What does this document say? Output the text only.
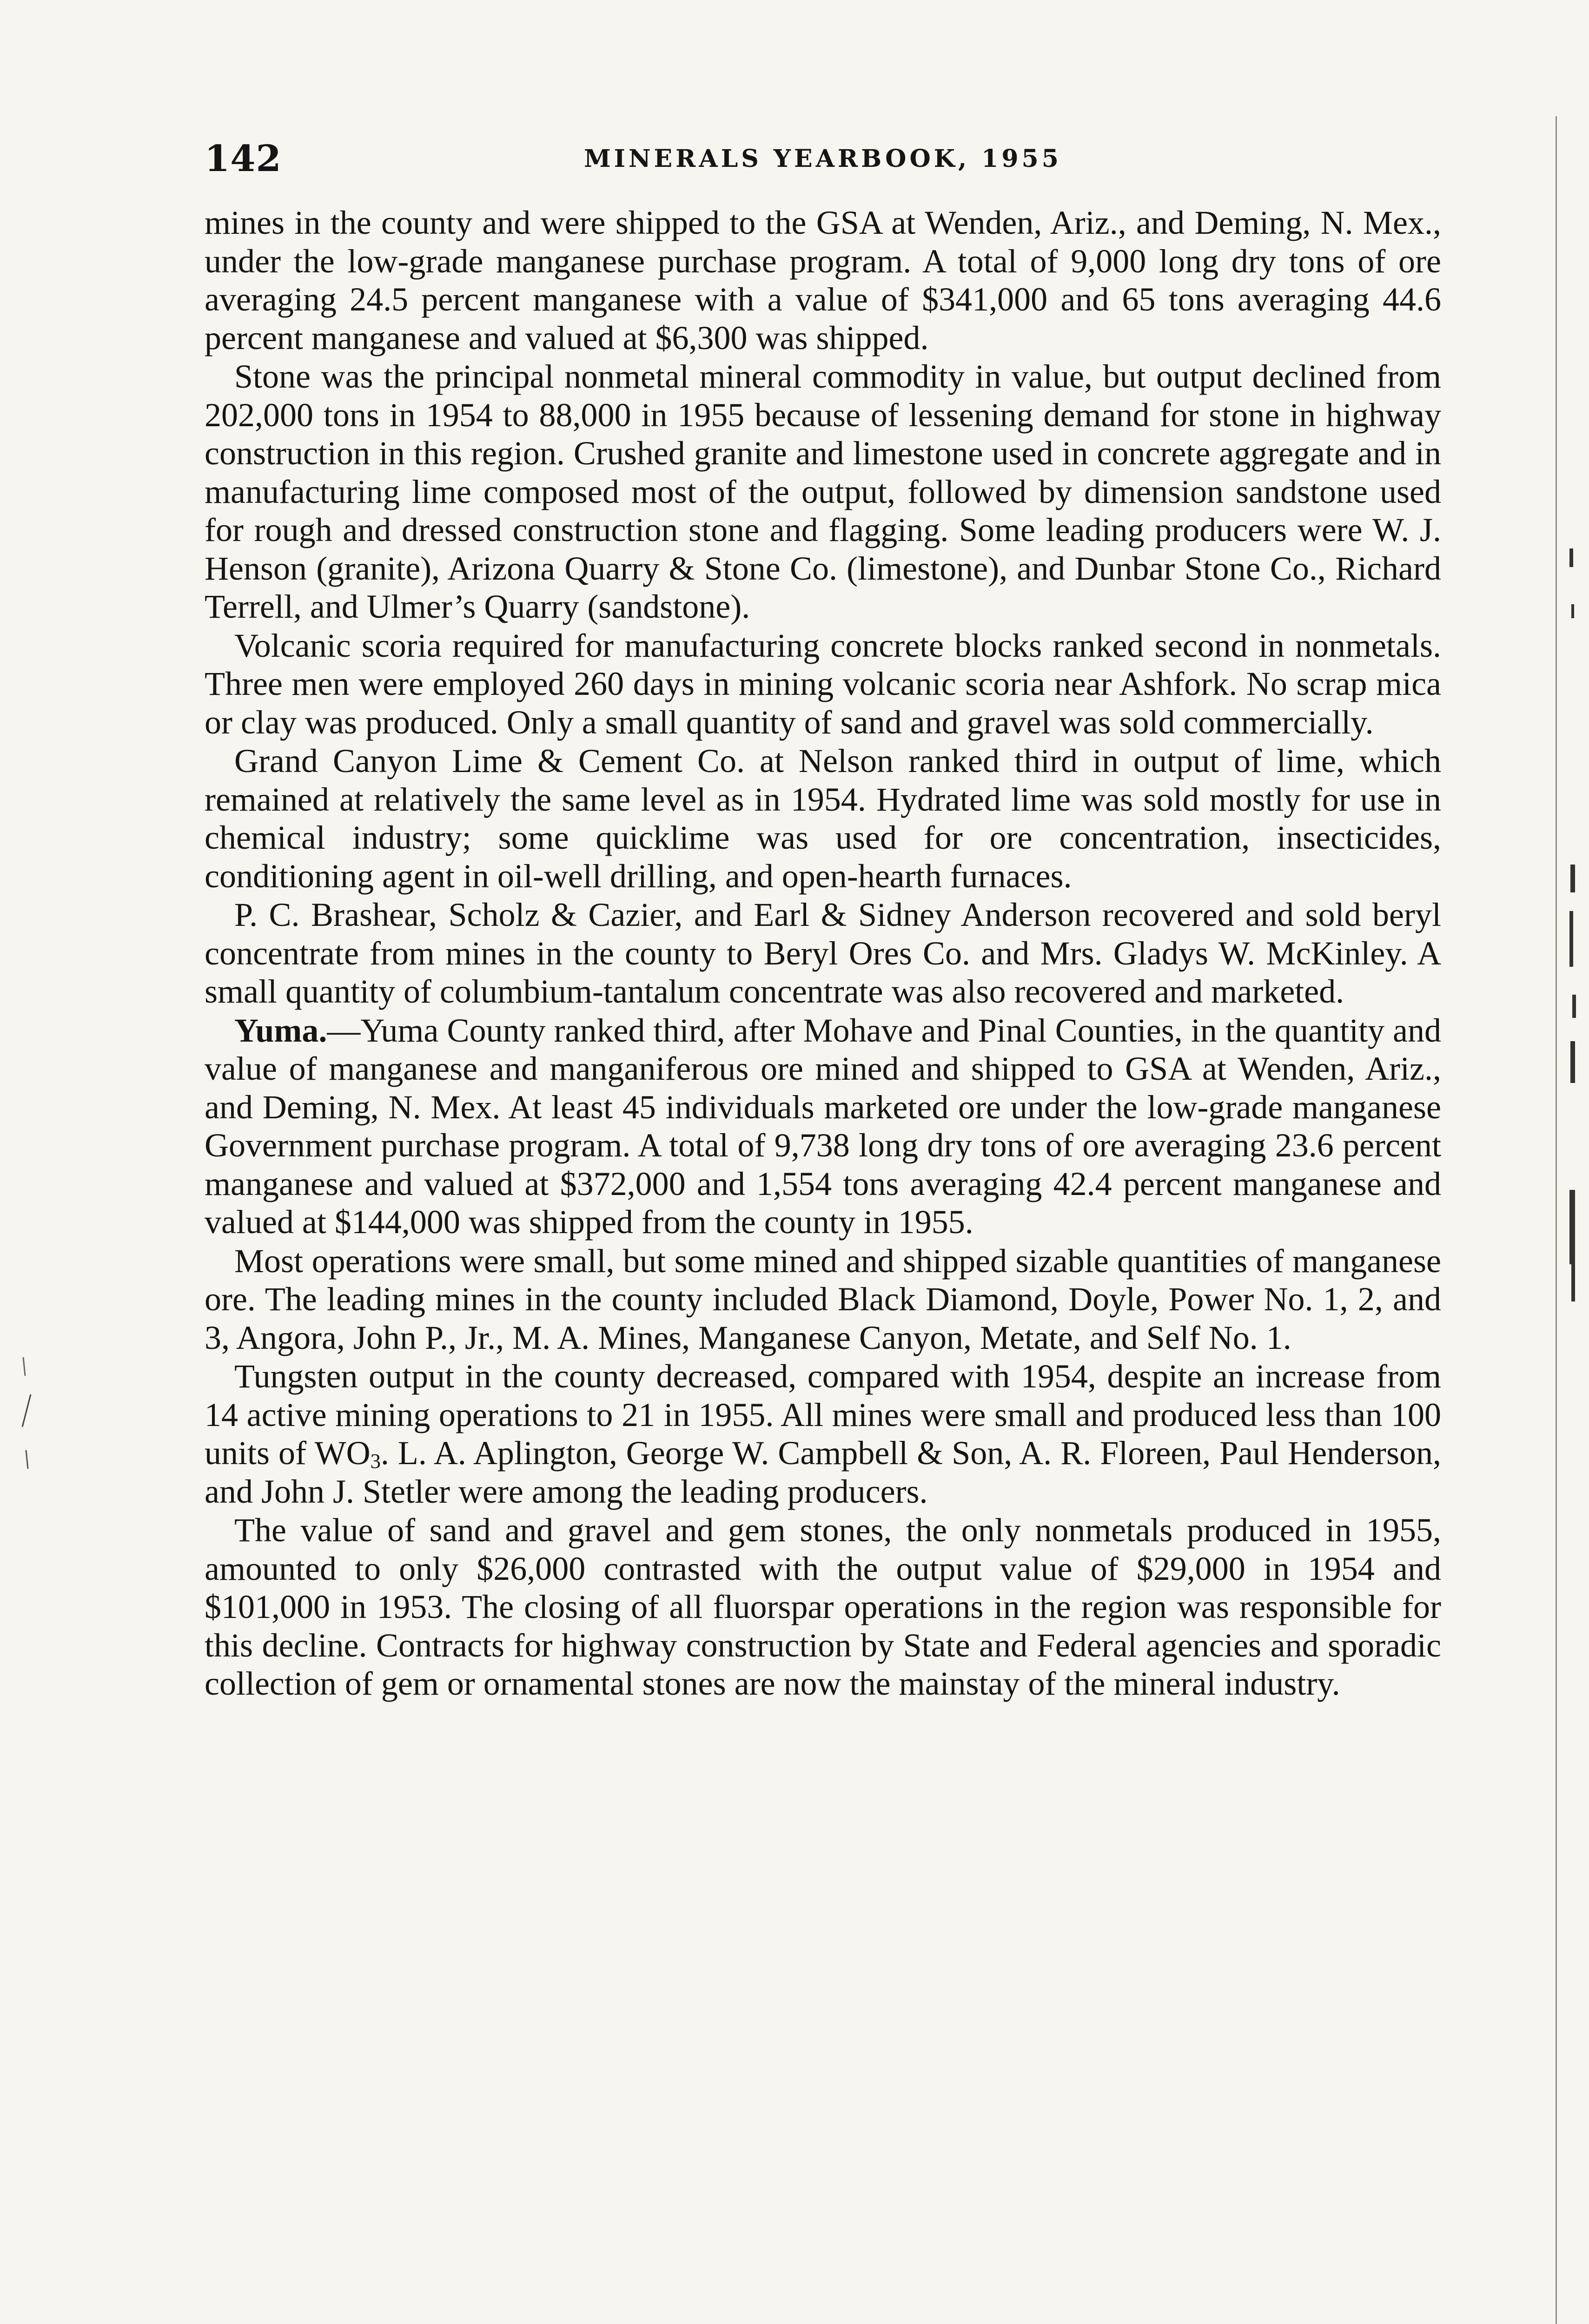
142	MINERALS YEARBOOK, 1955

mines in the county and were shipped to the GSA at Wenden, Ariz., and Deming, N. Mex., under the low-grade manganese purchase program. A total of 9,000 long dry tons of ore averaging 24.5 percent manganese with a value of $341,000 and 65 tons averaging 44.6 percent manganese and valued at $6,300 was shipped.

Stone was the principal nonmetal mineral commodity in value, but output declined from 202,000 tons in 1954 to 88,000 in 1955 because of lessening demand for stone in highway construction in this region. Crushed granite and limestone used in concrete aggregate and in manufacturing lime composed most of the output, followed by dimension sandstone used for rough and dressed construction stone and flagging. Some leading producers were W. J. Henson (granite), Arizona Quarry & Stone Co. (limestone), and Dunbar Stone Co., Richard Terrell, and Ulmer’s Quarry (sandstone).

Volcanic scoria required for manufacturing concrete blocks ranked second in nonmetals. Three men were employed 260 days in mining volcanic scoria near Ashfork. No scrap mica or clay was produced. Only a small quantity of sand and gravel was sold commercially.

Grand Canyon Lime & Cement Co. at Nelson ranked third in output of lime, which remained at relatively the same level as in 1954. Hydrated lime was sold mostly for use in chemical industry; some quicklime was used for ore concentration, insecticides, conditioning agent in oil-well drilling, and open-hearth furnaces.

P. C. Brashear, Scholz & Cazier, and Earl & Sidney Anderson recovered and sold beryl concentrate from mines in the county to Beryl Ores Co. and Mrs. Gladys W. McKinley. A small quantity of columbium-tantalum concentrate was also recovered and marketed.

Yuma.—Yuma County ranked third, after Mohave and Pinal Counties, in the quantity and value of manganese and manganiferous ore mined and shipped to GSA at Wenden, Ariz., and Deming, N. Mex. At least 45 individuals marketed ore under the low-grade manganese Government purchase program. A total of 9,738 long dry tons of ore averaging 23.6 percent manganese and valued at $372,000 and 1,554 tons averaging 42.4 percent manganese and valued at $144,000 was shipped from the county in 1955.

Most operations were small, but some mined and shipped sizable quantities of manganese ore. The leading mines in the county included Black Diamond, Doyle, Power No. 1, 2, and 3, Angora, John P., Jr., M. A. Mines, Manganese Canyon, Metate, and Self No. 1.

Tungsten output in the county decreased, compared with 1954, despite an increase from 14 active mining operations to 21 in 1955. All mines were small and produced less than 100 units of WO3. L. A. Aplington, George W. Campbell & Son, A. R. Floreen, Paul Henderson, and John J. Stetler were among the leading producers.

The value of sand and gravel and gem stones, the only nonmetals produced in 1955, amounted to only $26,000 contrasted with the output value of $29,000 in 1954 and $101,000 in 1953. The closing of all fluorspar operations in the region was responsible for this decline. Contracts for highway construction by State and Federal agencies and sporadic collection of gem or ornamental stones are now the mainstay of the mineral industry.
